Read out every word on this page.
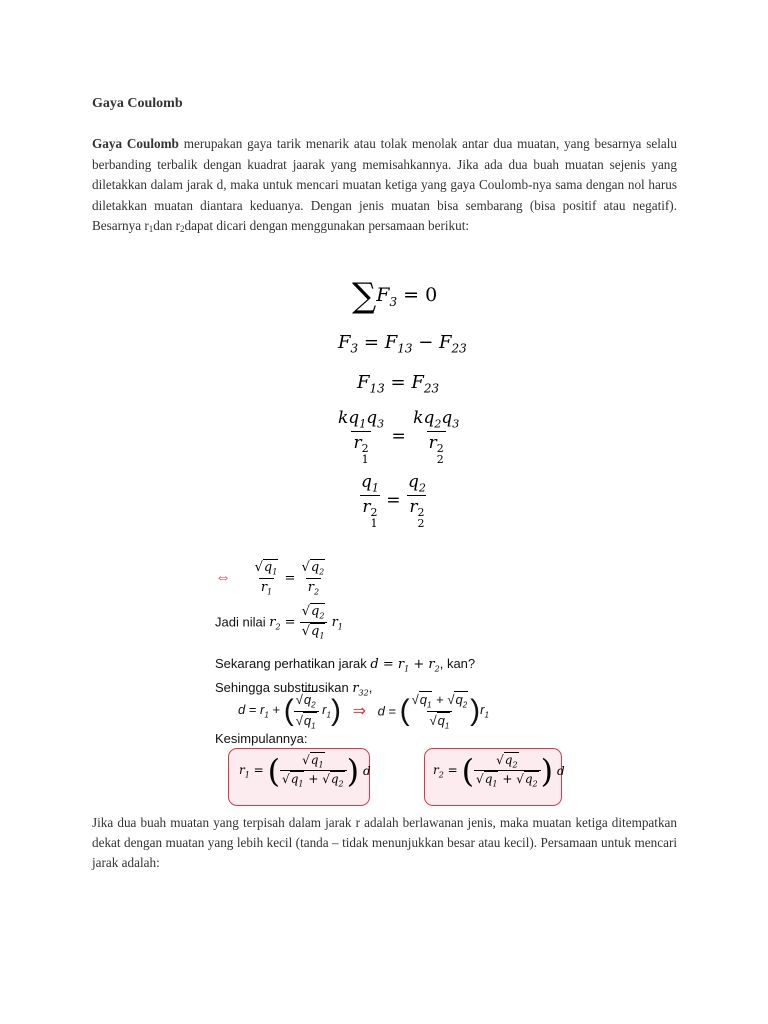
Gaya Coulomb
Gaya Coulomb merupakan gaya tarik menarik atau tolak menolak antar dua muatan, yang besarnya selalu berbanding terbalik dengan kuadrat jaarak yang memisahkannya. Jika ada dua buah muatan sejenis yang diletakkan dalam jarak d, maka untuk mencari muatan ketiga yang gaya Coulomb-nya sama dengan nol harus diletakkan muatan diantara keduanya. Dengan jenis muatan bisa sembarang (bisa positif atau negatif). Besarnya $r_1dan$ $r_2dapat$ dicari dengan menggunakan persamaan berikut:
$\sum F_3 = 0$
$F_3 = F_{13} - F_{23}$
$F_{13} = F_{23}$
$kq_1q_3$
r 2
$1 = kq_2q_3$
r 2
2
$q_1$
r 2
$1 = q_2$
r 2
2
⇔ $\frac{√q_1}{r_1} = \frac{√q_2}{r_2}$
Jadi nilai $r_2 = \frac{√q_2}{√q_1} r_1$
Sekarang perhatikan jarak $d = r_1 + r_2$, kan?
Sehingga substitusikan $r_{32}$,
$d = r_1$ + ( $\frac{√q_2}{√q_1} r_1$) ⇒ d = ( $\frac{√q_1 + √q_2}{√q_1} )r_1$
Kesimpulannya:
$r_1$ = ( $\frac{√q_1}{√q_1 + √q_2}$ ) d	$r_2$ = ( $\frac{√q_2}{√q_1 + √q_2}$ ) d
Jika dua buah muatan yang terpisah dalam jarak r adalah berlawanan jenis, maka muatan ketiga ditempatkan dekat dengan muatan yang lebih kecil (tanda – tidak menunjukkan besar atau kecil). Persamaan untuk mencari jarak adalah:
